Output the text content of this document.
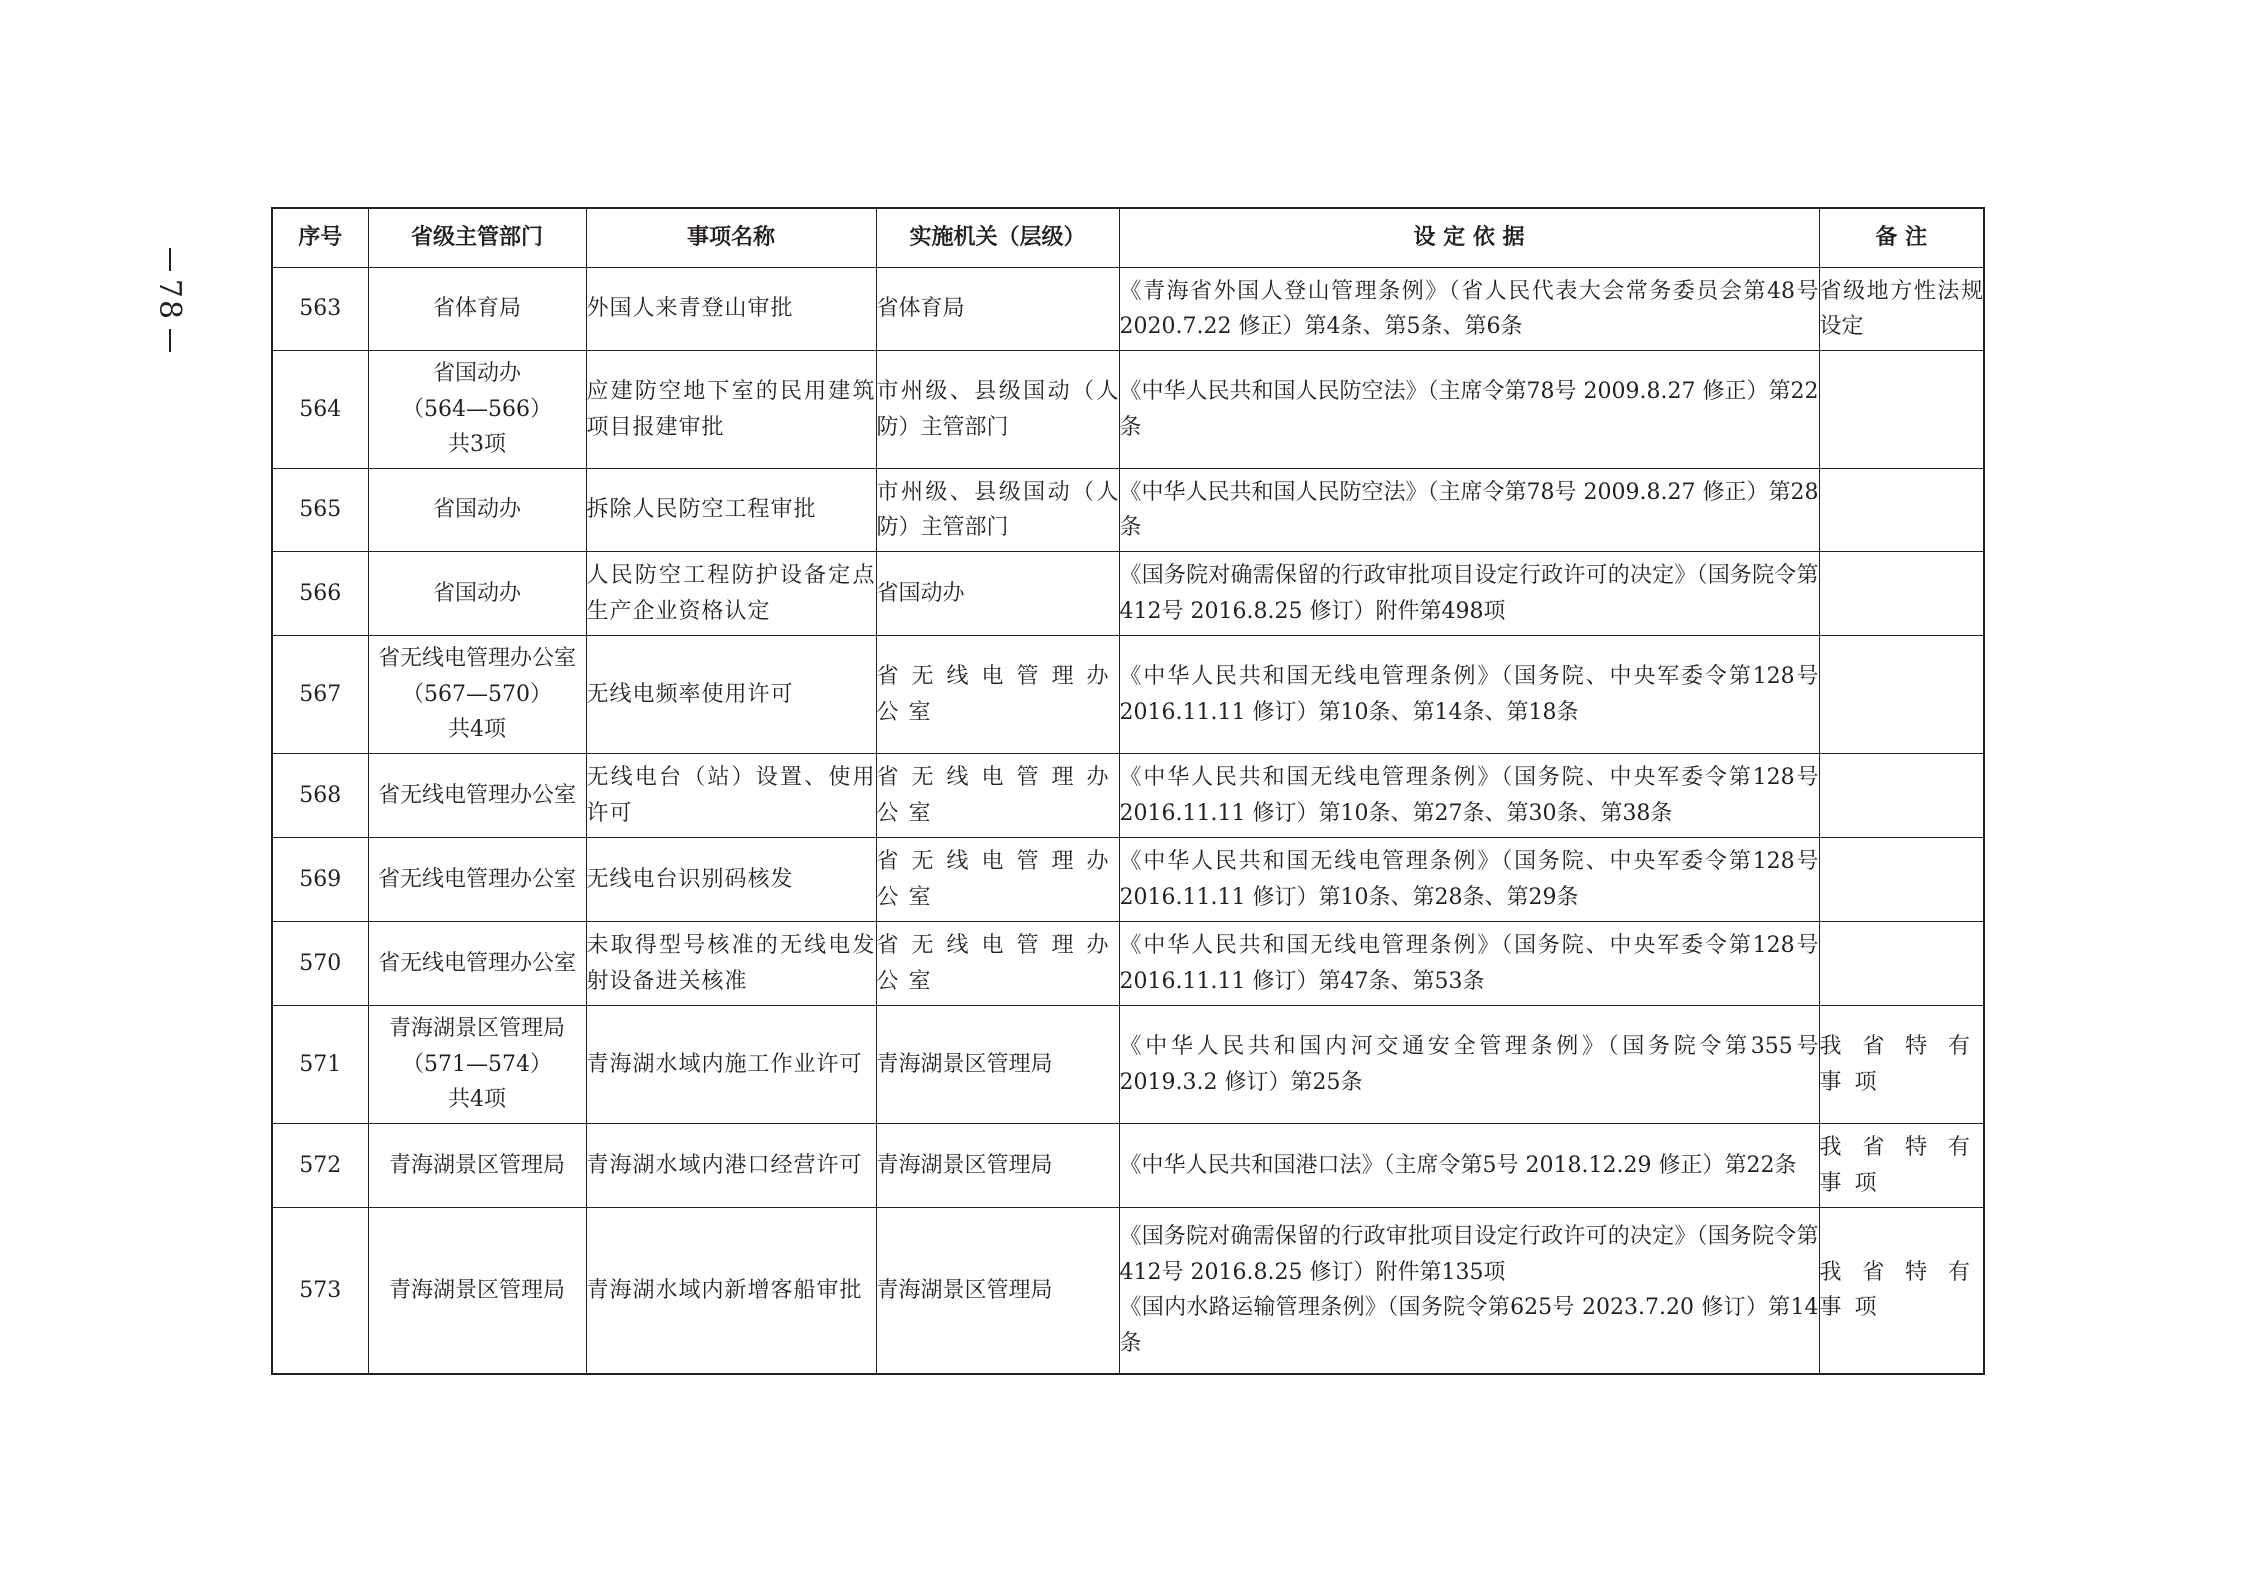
78
序号	省级主管部门	事项名称	实施机关（层级）	设 定 依 据	备 注
563	省体育局	外国人来青登山审批	省体育局	《青海省外国人登山管理条例》（省人民代表大会常务委员会第48号 2020.7.22 修正）第4条、第5条、第6条	省级地方性法规设定
564	省国动办
（564—566）
共3项	应建防空地下室的民用建筑项目报建审批	市州级、县级国动（人防）主管部门	《中华人民共和国人民防空法》（主席令第78号 2009.8.27 修正）第22条	

565	省国动办	拆除人民防空工程审批	市州级、县级国动（人防）主管部门	《中华人民共和国人民防空法》（主席令第78号 2009.8.27 修正）第28条	

566	省国动办	人民防空工程防护设备定点生产企业资格认定	省国动办	《国务院对确需保留的行政审批项目设定行政许可的决定》（国务院令第412号 2016.8.25 修订）附件第498项	

567	省无线电管理办公室
（567—570）
共4项	无线电频率使用许可	省无线电管理办公室	《中华人民共和国无线电管理条例》（国务院、中央军委令第128号 2016.11.11 修订）第10条、第14条、第18条	

568	省无线电管理办公室	无线电台（站）设置、使用许可	省无线电管理办公室	《中华人民共和国无线电管理条例》（国务院、中央军委令第128号 2016.11.11 修订）第10条、第27条、第30条、第38条	

569	省无线电管理办公室	无线电台识别码核发	省无线电管理办公室	《中华人民共和国无线电管理条例》（国务院、中央军委令第128号 2016.11.11 修订）第10条、第28条、第29条	

570	省无线电管理办公室	未取得型号核准的无线电发射设备进关核准	省无线电管理办公室	《中华人民共和国无线电管理条例》（国务院、中央军委令第128号 2016.11.11 修订）第47条、第53条	

571	青海湖景区管理局
（571—574）
共4项	青海湖水域内施工作业许可	青海湖景区管理局	《中华人民共和国内河交通安全管理条例》（国务院令第355号 2019.3.2 修订）第25条	我省特有事项
572	青海湖景区管理局	青海湖水域内港口经营许可	青海湖景区管理局	《中华人民共和国港口法》（主席令第5号 2018.12.29 修正）第22条	我省特有事项
573	青海湖景区管理局	青海湖水域内新增客船审批	青海湖景区管理局	《国务院对确需保留的行政审批项目设定行政许可的决定》（国务院令第412号 2016.8.25 修订）附件第135项
《国内水路运输管理条例》（国务院令第625号 2023.7.20 修订）第14条	我省特有事项
